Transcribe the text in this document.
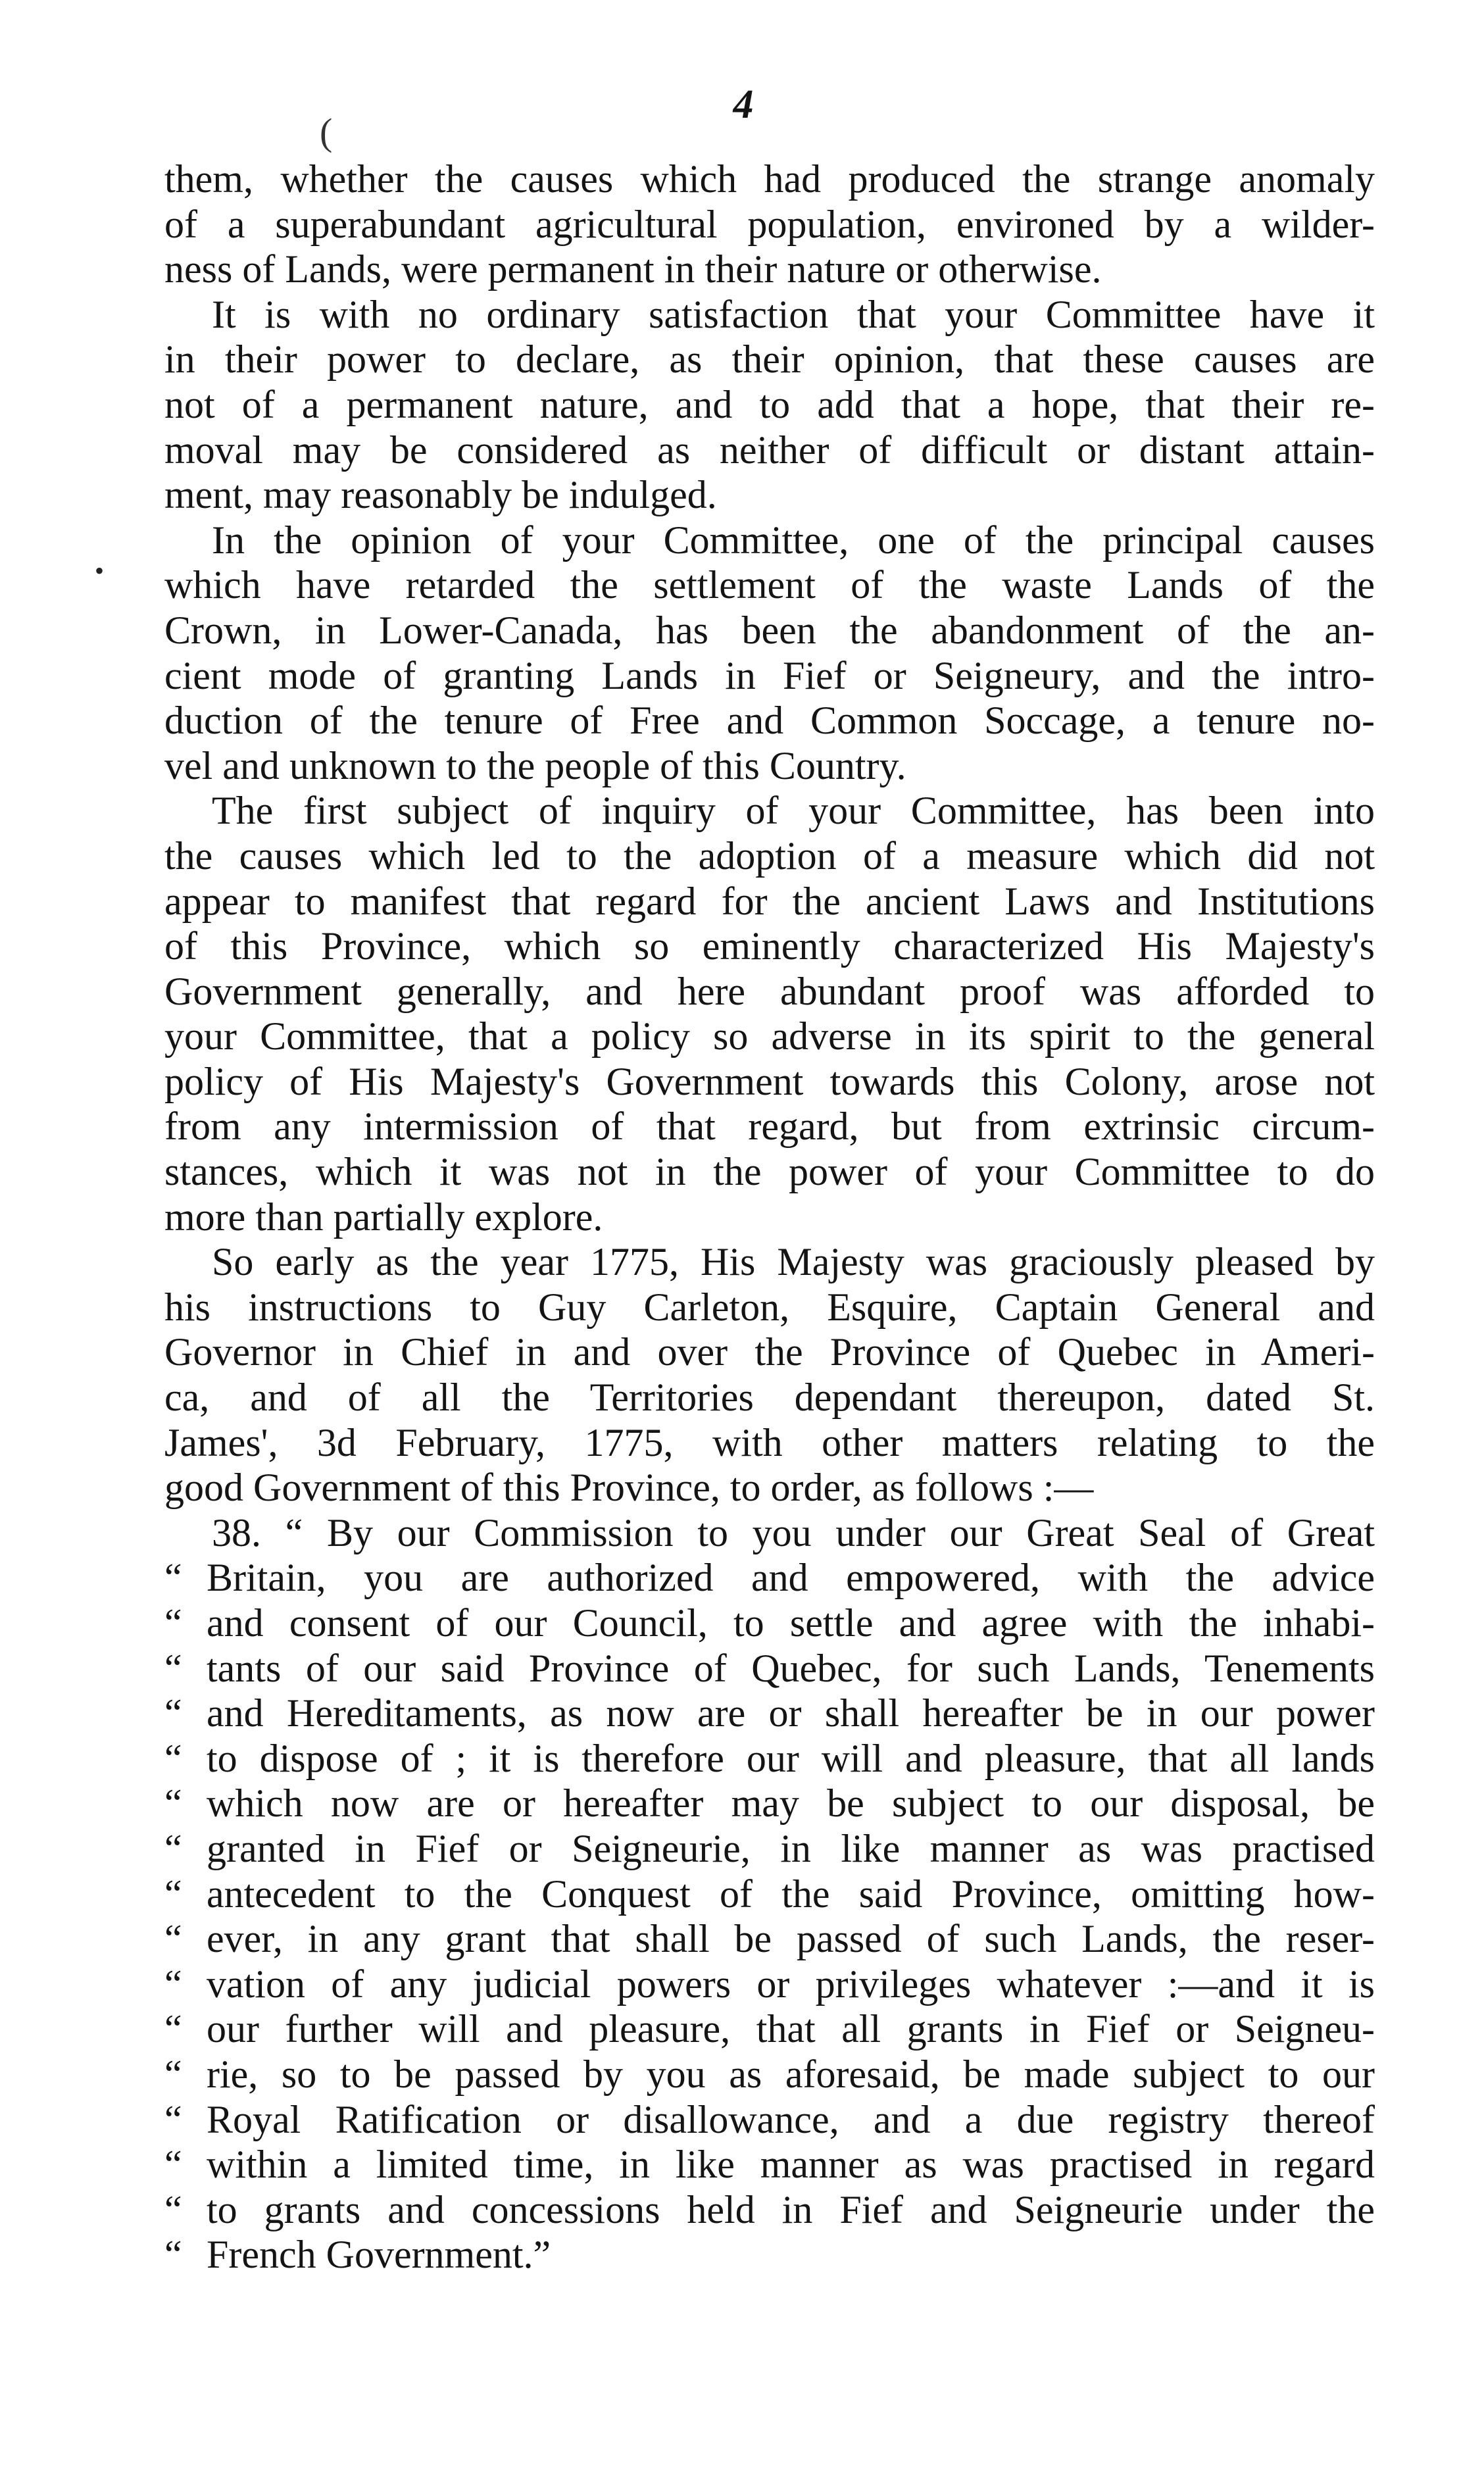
4
(
•
them, whether the causes which had produced the strange anomaly
of a superabundant agricultural population, environed by a wilder-
ness of Lands, were permanent in their nature or otherwise.
It is with no ordinary satisfaction that your Committee have it
in their power to declare, as their opinion, that these causes are
not of a permanent nature, and to add that a hope, that their re-
moval may be considered as neither of difficult or distant attain-
ment, may reasonably be indulged.
In the opinion of your Committee, one of the principal causes
which have retarded the settlement of the waste Lands of the
Crown, in Lower-Canada, has been the abandonment of the an-
cient mode of granting Lands in Fief or Seigneury, and the intro-
duction of the tenure of Free and Common Soccage, a tenure no-
vel and unknown to the people of this Country.
The first subject of inquiry of your Committee, has been into
the causes which led to the adoption of a measure which did not
appear to manifest that regard for the ancient Laws and Institutions
of this Province, which so eminently characterized His Majesty's
Government generally, and here abundant proof was afforded to
your Committee, that a policy so adverse in its spirit to the general
policy of His Majesty's Government towards this Colony, arose not
from any intermission of that regard, but from extrinsic circum-
stances, which it was not in the power of your Committee to do
more than partially explore.
So early as the year 1775, His Majesty was graciously pleased by
his instructions to Guy Carleton, Esquire, Captain General and
Governor in Chief in and over the Province of Quebec in Ameri-
ca, and of all the Territories dependant thereupon, dated St.
James', 3d February, 1775, with other matters relating to the
good Government of this Province, to order, as follows :—
38. “ By our Commission to you under our Great Seal of Great
“ Britain, you are authorized and empowered, with the advice
“ and consent of our Council, to settle and agree with the inhabi-
“ tants of our said Province of Quebec, for such Lands, Tenements
“ and Hereditaments, as now are or shall hereafter be in our power
“ to dispose of ; it is therefore our will and pleasure, that all lands
“ which now are or hereafter may be subject to our disposal, be
“ granted in Fief or Seigneurie, in like manner as was practised
“ antecedent to the Conquest of the said Province, omitting how-
“ ever, in any grant that shall be passed of such Lands, the reser-
“ vation of any judicial powers or privileges whatever :—and it is
“ our further will and pleasure, that all grants in Fief or Seigneu-
“ rie, so to be passed by you as aforesaid, be made subject to our
“ Royal Ratification or disallowance, and a due registry thereof
“ within a limited time, in like manner as was practised in regard
“ to grants and concessions held in Fief and Seigneurie under the
“ French Government.”
